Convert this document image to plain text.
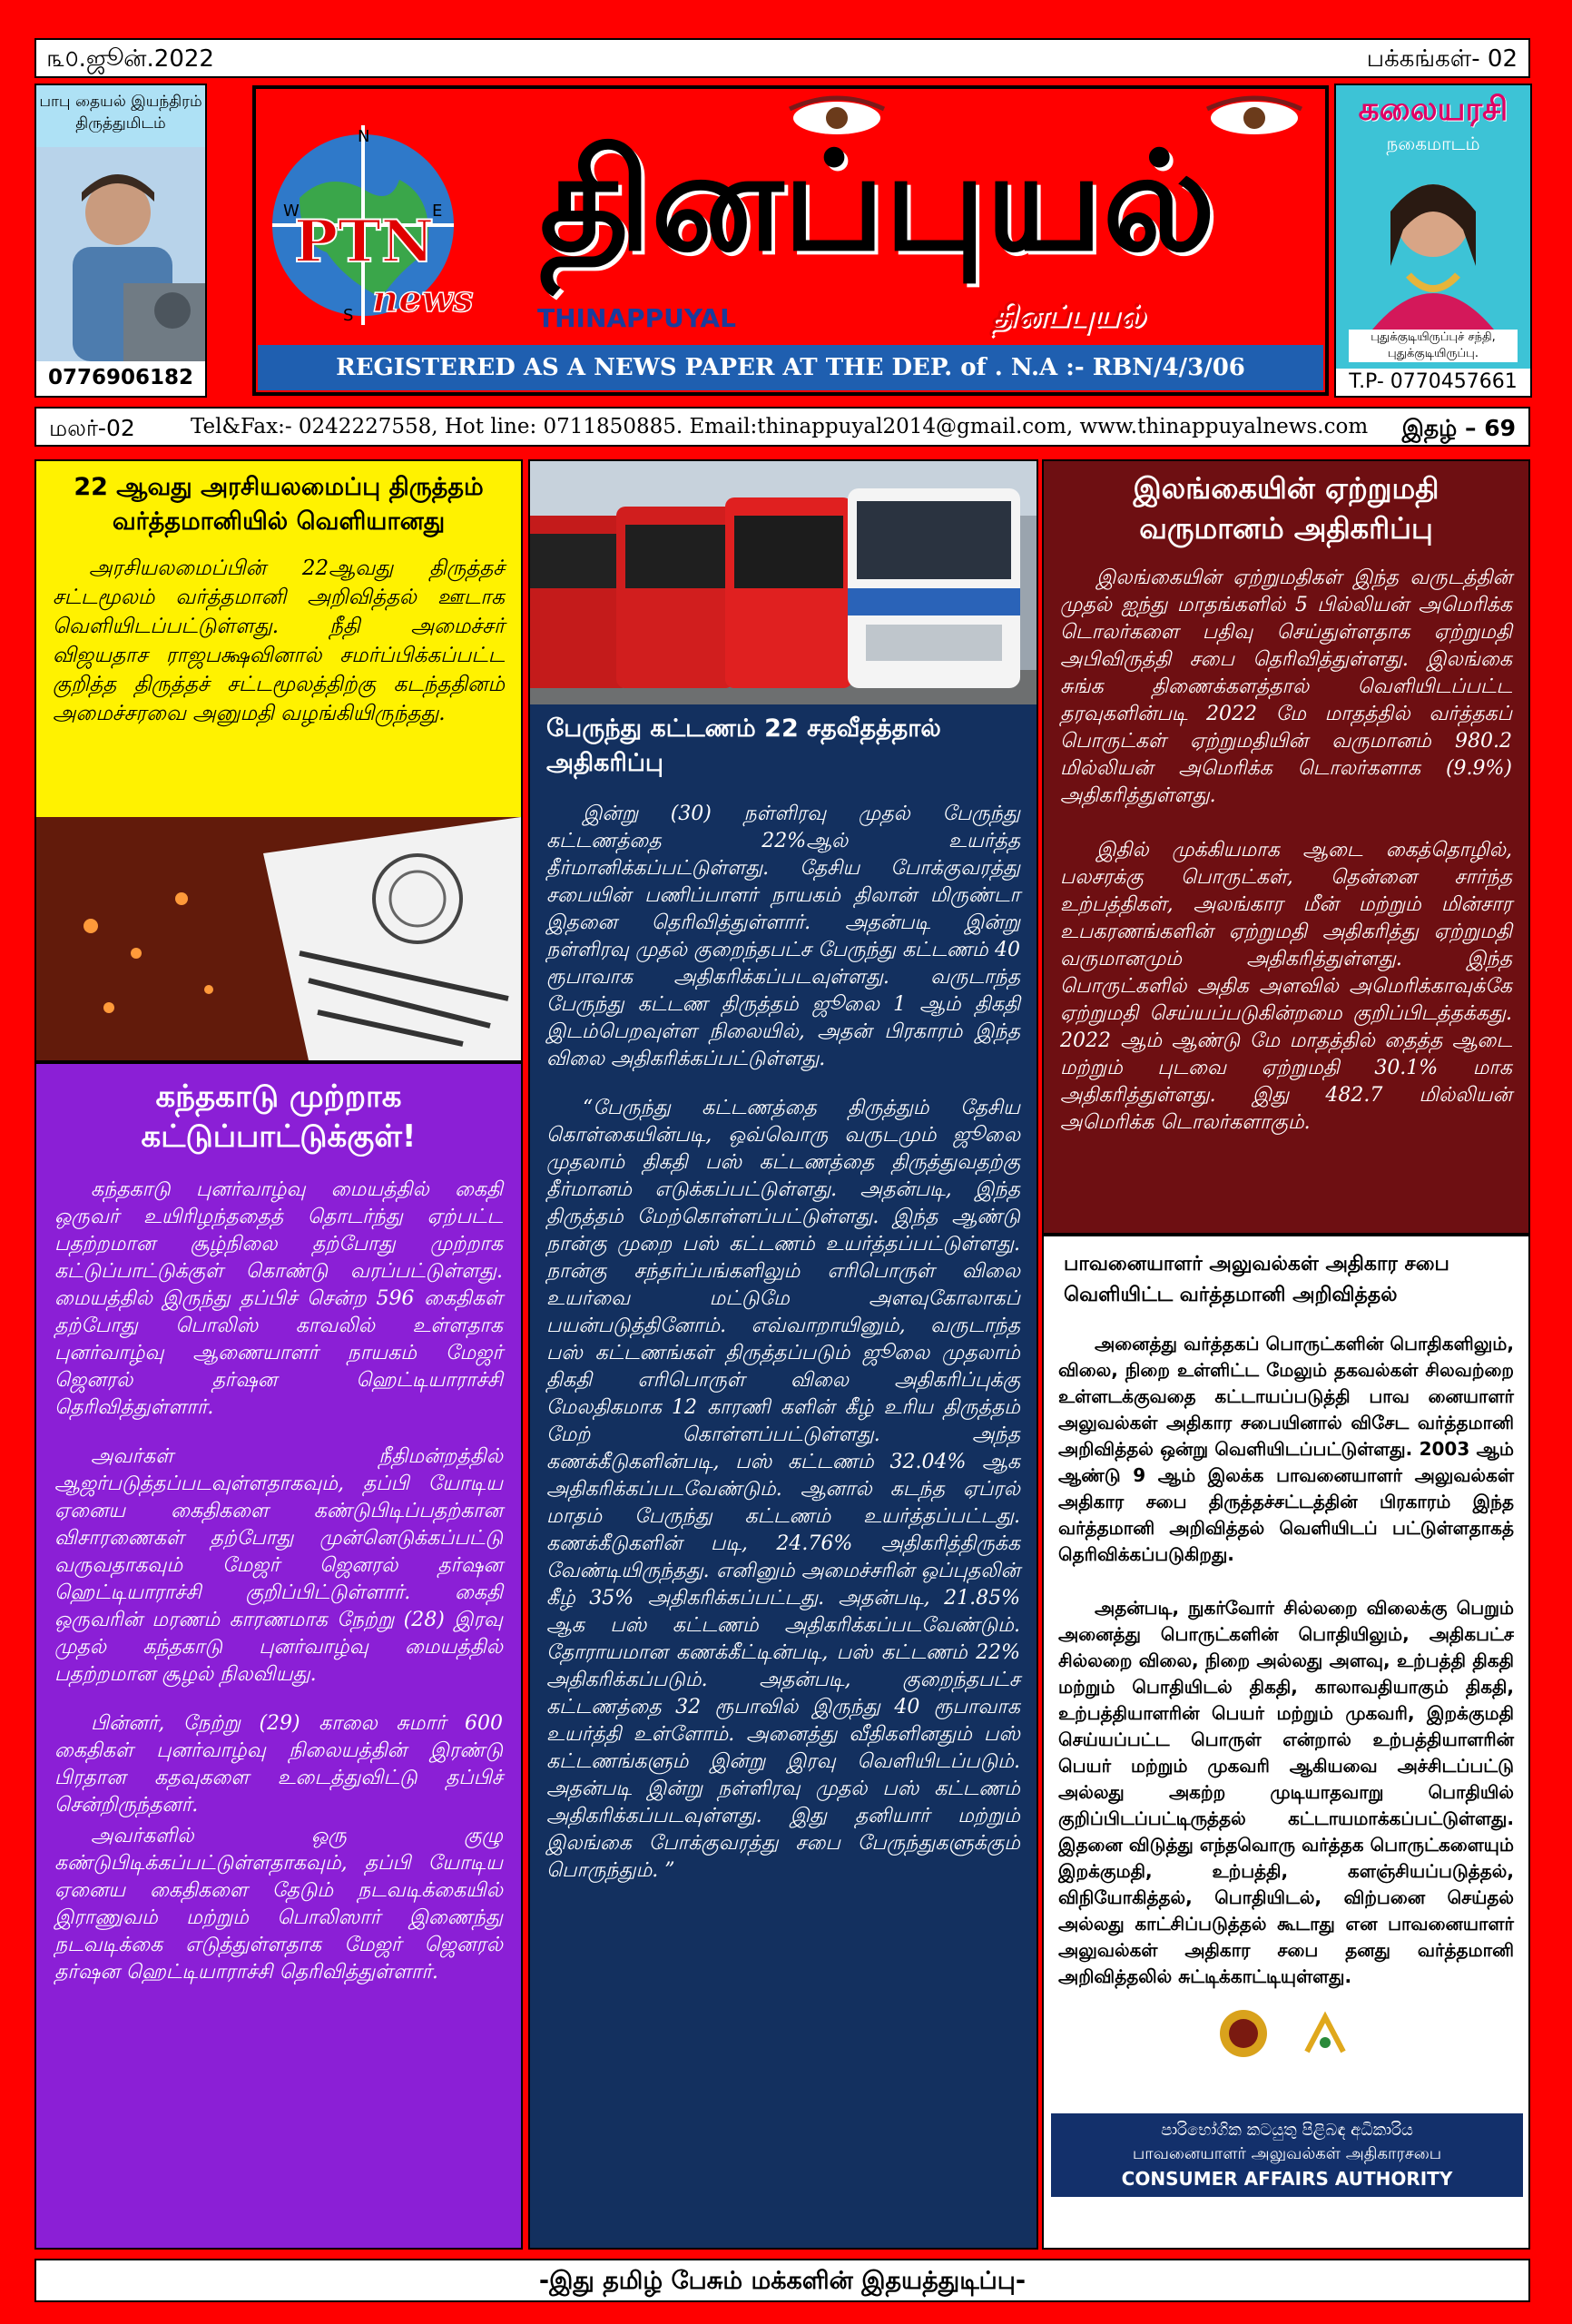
௩௦.ஜூன்.2022	பக்கங்கள்- 02
பாபு தையல் இயந்திரம்
திருத்துமிடம்
0776906182
N
E
W
S
PTN
news
தினப்புயல்
THINAPPUYAL	தினப்புயல்
REGISTERED AS A NEWS PAPER AT THE DEP. of . N.A :- RBN/4/3/06
கலையரசி
நகைமாடம்
புதுக்குடியிருப்புச் சந்தி, புதுக்குடியிருப்பு.
T.P- 0770457661
மலர்-02	Tel&Fax:- 0242227558, Hot line: 0711850885. Email:thinappuyal2014@gmail.com, www.thinappuyalnews.com இதழ் – 69
22 ஆவது அரசியலமைப்பு திருத்தம் வர்த்தமானியில் வெளியானது

அரசியலமைப்பின் 22ஆவது திருத்தச் சட்டமூலம் வர்த்தமானி அறிவித்தல் ஊடாக வெளியிடப்பட்டுள்ளது. நீதி அமைச்சர் விஜயதாச ராஜபக்ஷவினால் சமர்ப்பிக்கப்பட்ட குறித்த திருத்தச் சட்டமூலத்திற்கு கடந்ததினம் அமைச்சரவை அனுமதி வழங்கியிருந்தது.

கந்தகாடு முற்றாக கட்டுப்பாட்டுக்குள்!

கந்தகாடு புனர்வாழ்வு மையத்தில் கைதி ஒருவர் உயிரிழந்ததைத் தொடர்ந்து ஏற்பட்ட பதற்றமான சூழ்நிலை தற்போது முற்றாக கட்டுப்பாட்டுக்குள் கொண்டு வரப்பட்டுள்ளது. மையத்தில் இருந்து தப்பிச் சென்ற 596 கைதிகள் தற்போது பொலிஸ் காவலில் உள்ளதாக புனர்வாழ்வு ஆணையாளர் நாயகம் மேஜர் ஜெனரல் தர்ஷன ஹெட்டியாராச்சி தெரிவித்துள்ளார்.

அவர்கள் நீதிமன்றத்தில் ஆஜர்படுத்தப்படவுள்ளதாகவும், தப்பி யோடிய ஏனைய கைதிகளை கண்டுபிடிப்பதற்கான விசாரணைகள் தற்போது முன்னெடுக்கப்பட்டு வருவதாகவும் மேஜர் ஜெனரல் தர்ஷன ஹெட்டியாராச்சி குறிப்பிட்டுள்ளார். கைதி ஒருவரின் மரணம் காரணமாக நேற்று (28) இரவு முதல் கந்தகாடு புனர்வாழ்வு மையத்தில் பதற்றமான சூழல் நிலவியது.

பின்னர், நேற்று (29) காலை சுமார் 600 கைதிகள் புனர்வாழ்வு நிலையத்தின் இரண்டு பிரதான கதவுகளை உடைத்துவிட்டு தப்பிச் சென்றிருந்தனர்.

அவர்களில் ஒரு குழு கண்டுபிடிக்கப்பட்டுள்ளதாகவும், தப்பி யோடிய ஏனைய கைதிகளை தேடும் நடவடிக்கையில் இராணுவம் மற்றும் பொலிஸார் இணைந்து நடவடிக்கை எடுத்துள்ளதாக மேஜர் ஜெனரல் தர்ஷன ஹெட்டியாராச்சி தெரிவித்துள்ளார்.

பேருந்து கட்டணம் 22 சதவீதத்தால் அதிகரிப்பு

இன்று (30) நள்ளிரவு முதல் பேருந்து கட்டணத்தை 22%ஆல் உயர்த்த தீர்மானிக்கப்பட்டுள்ளது. தேசிய போக்குவரத்து சபையின் பணிப்பாளர் நாயகம் திலான் மிருண்டா இதனை தெரிவித்துள்ளார். அதன்படி இன்று நள்ளிரவு முதல் குறைந்தபட்ச பேருந்து கட்டணம் 40 ரூபாவாக அதிகரிக்கப்படவுள்ளது. வருடாந்த பேருந்து கட்டண திருத்தம் ஜூலை 1 ஆம் திகதி இடம்பெறவுள்ள நிலையில், அதன் பிரகாரம் இந்த விலை அதிகரிக்கப்பட்டுள்ளது.

“பேருந்து கட்டணத்தை திருத்தும் தேசிய கொள்கையின்படி, ஒவ்வொரு வருடமும் ஜூலை முதலாம் திகதி பஸ் கட்டணத்தை திருத்துவதற்கு தீர்மானம் எடுக்கப்பட்டுள்ளது. அதன்படி, இந்த திருத்தம் மேற்கொள்ளப்பட்டுள்ளது. இந்த ஆண்டு நான்கு முறை பஸ் கட்டணம் உயர்த்தப்பட்டுள்ளது. நான்கு சந்தர்ப்பங்களிலும் எரிபொருள் விலை உயர்வை மட்டுமே அளவுகோலாகப் பயன்படுத்தினோம். எவ்வாறாயினும், வருடாந்த பஸ் கட்டணங்கள் திருத்தப்படும் ஜூலை முதலாம் திகதி எரிபொருள் விலை அதிகரிப்புக்கு மேலதிகமாக 12 காரணி களின் கீழ் உரிய திருத்தம் மேற் கொள்ளப்பட்டுள்ளது. அந்த கணக்கீடுகளின்படி, பஸ் கட்டணம் 32.04% ஆக அதிகரிக்கப்படவேண்டும். ஆனால் கடந்த ஏப்ரல் மாதம் பேருந்து கட்டணம் உயர்த்தப்பட்டது. கணக்கீடுகளின் படி, 24.76% அதிகரித்திருக்க வேண்டியிருந்தது. எனினும் அமைச்சரின் ஒப்புதலின் கீழ் 35% அதிகரிக்கப்பட்டது. அதன்படி, 21.85% ஆக பஸ் கட்டணம் அதிகரிக்கப்படவேண்டும். தோராயமான கணக்கீட்டின்படி, பஸ் கட்டணம் 22% அதிகரிக்கப்படும். அதன்படி, குறைந்தபட்ச கட்டணத்தை 32 ரூபாவில் இருந்து 40 ரூபாவாக உயர்த்தி உள்ளோம். அனைத்து வீதிகளினதும் பஸ் கட்டணங்களும் இன்று இரவு வெளியிடப்படும். அதன்படி இன்று நள்ளிரவு முதல் பஸ் கட்டணம் அதிகரிக்கப்படவுள்ளது. இது தனியார் மற்றும் இலங்கை போக்குவரத்து சபை பேருந்துகளுக்கும் பொருந்தும். ”

இலங்கையின் ஏற்றுமதி வருமானம் அதிகரிப்பு

இலங்கையின் ஏற்றுமதிகள் இந்த வருடத்தின் முதல் ஐந்து மாதங்களில் 5 பில்லியன் அமெரிக்க டொலர்களை பதிவு செய்துள்ளதாக ஏற்றுமதி அபிவிருத்தி சபை தெரிவித்துள்ளது. இலங்கை சுங்க திணைக்களத்தால் வெளியிடப்பட்ட தரவுகளின்படி 2022 மே மாதத்தில் வர்த்தகப் பொருட்கள் ஏற்றுமதியின் வருமானம் 980.2 மில்லியன் அமெரிக்க டொலர்களாக (9.9%) அதிகரித்துள்ளது.

இதில் முக்கியமாக ஆடை கைத்தொழில், பலசரக்கு பொருட்கள், தென்னை சார்ந்த உற்பத்திகள், அலங்கார மீன் மற்றும் மின்சார உபகரணங்களின் ஏற்றுமதி அதிகரித்து ஏற்றுமதி வருமானமும் அதிகரித்துள்ளது. இந்த பொருட்களில் அதிக அளவில் அமெரிக்காவுக்கே ஏற்றுமதி செய்யப்படுகின்றமை குறிப்பிடத்தக்கது. 2022 ஆம் ஆண்டு மே மாதத்தில் தைத்த ஆடை மற்றும் புடவை ஏற்றுமதி 30.1% மாக அதிகரித்துள்ளது. இது 482.7 மில்லியன் அமெரிக்க டொலர்களாகும்.

பாவனையாளர் அலுவல்கள் அதிகார சபை வெளியிட்ட வர்த்தமானி அறிவித்தல்

அனைத்து வர்த்தகப் பொருட்களின் பொதிகளிலும், விலை, நிறை உள்ளிட்ட மேலும் தகவல்கள் சிலவற்றை உள்ளடக்குவதை கட்டாயப்படுத்தி பாவ னையாளர் அலுவல்கள் அதிகார சபையினால் விசேட வர்த்தமானி அறிவித்தல் ஒன்று வெளியிடப்பட்டுள்ளது. 2003 ஆம் ஆண்டு 9 ஆம் இலக்க பாவனையாளர் அலுவல்கள் அதிகார சபை திருத்தச்சட்டத்தின் பிரகாரம் இந்த வர்த்தமானி அறிவித்தல் வெளியிடப் பட்டுள்ளதாகத் தெரிவிக்கப்படுகிறது.

அதன்படி, நுகர்வோர் சில்லறை விலைக்கு பெறும் அனைத்து பொருட்களின் பொதியிலும், அதிகபட்ச சில்லறை விலை, நிறை அல்லது அளவு, உற்பத்தி திகதி மற்றும் பொதியிடல் திகதி, காலாவதியாகும் திகதி, உற்பத்தியாளரின் பெயர் மற்றும் முகவரி, இறக்குமதி செய்யப்பட்ட பொருள் என்றால் உற்பத்தியாளரின் பெயர் மற்றும் முகவரி ஆகியவை அச்சிடப்பட்டு அல்லது அகற்ற முடியாதவாறு பொதியில் குறிப்பிடப்பட்டிருத்தல் கட்டாயமாக்கப்பட்டுள்ளது. இதனை விடுத்து எந்தவொரு வர்த்தக பொருட்களையும் இறக்குமதி, உற்பத்தி, களஞ்சியப்படுத்தல், விநியோகித்தல், பொதியிடல், விற்பனை செய்தல் அல்லது காட்சிப்படுத்தல் கூடாது என பாவனையாளர் அலுவல்கள் அதிகார சபை தனது வர்த்தமானி அறிவித்தலில் சுட்டிக்காட்டியுள்ளது.

පාරිභෝගික කටයුතු පිළිබඳ අධිකාරිය
பாவனையாளர் அலுவல்கள் அதிகாரசபை
CONSUMER AFFAIRS AUTHORITY
-இது தமிழ் பேசும் மக்களின் இதயத்துடிப்பு-
